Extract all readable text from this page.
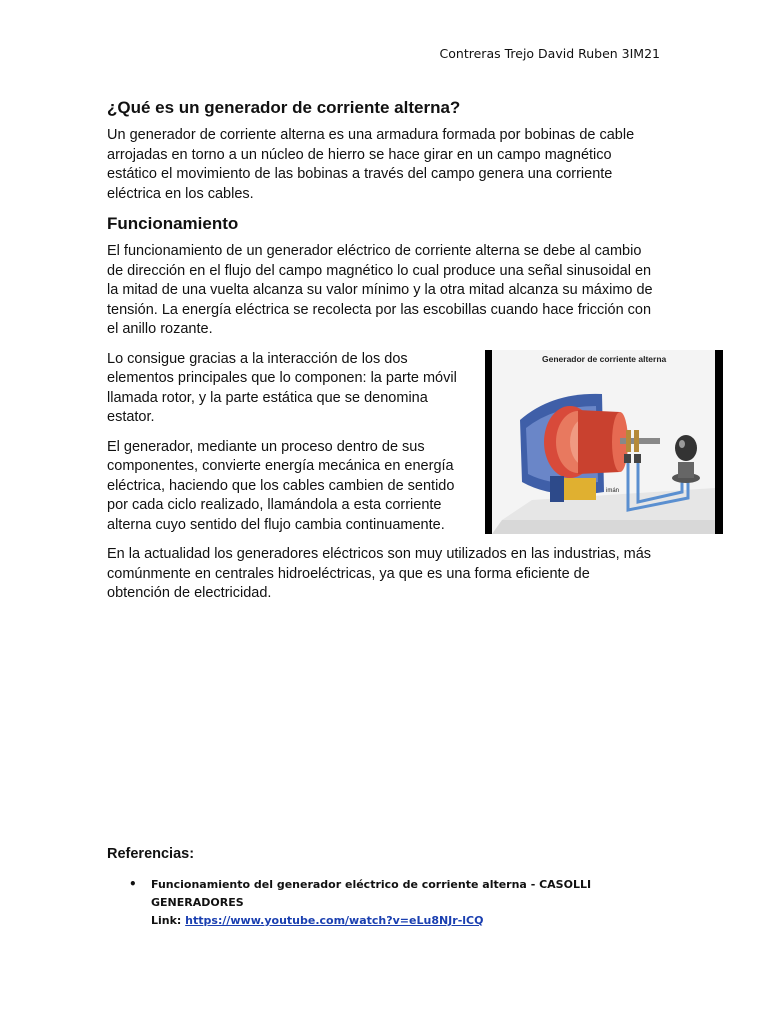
Contreras Trejo David Ruben 3IM21
¿Qué es un generador de corriente alterna?

Un generador de corriente alterna es una armadura formada por bobinas de cable arrojadas en torno a un núcleo de hierro se hace girar en un campo magnético estático el movimiento de las bobinas a través del campo genera una corriente eléctrica en los cables.

Funcionamiento

El funcionamiento de un generador eléctrico de corriente alterna se debe al cambio de dirección en el flujo del campo magnético lo cual produce una señal sinusoidal en la mitad de una vuelta alcanza su valor mínimo y la otra mitad alcanza su máximo de tensión. La energía eléctrica se recolecta por las escobillas cuando hace fricción con el anillo rozante.

imán
Generador de corriente alterna

Lo consigue gracias a la interacción de los dos elementos principales que lo componen: la parte móvil llamada rotor, y la parte estática que se denomina estator.

El generador, mediante un proceso dentro de sus componentes, convierte energía mecánica en energía eléctrica, haciendo que los cables cambien de sentido por cada ciclo realizado, llamándola a esta corriente alterna cuyo sentido del flujo cambia continuamente.

En la actualidad los generadores eléctricos son muy utilizados en las industrias, más comúnmente en centrales hidroeléctricas, ya que es una forma eficiente de obtención de electricidad.

Referencias:
• Funcionamiento del generador eléctrico de corriente alterna - CASOLLI GENERADORES
Link: https://www.youtube.com/watch?v=eLu8NJr-lCQ
